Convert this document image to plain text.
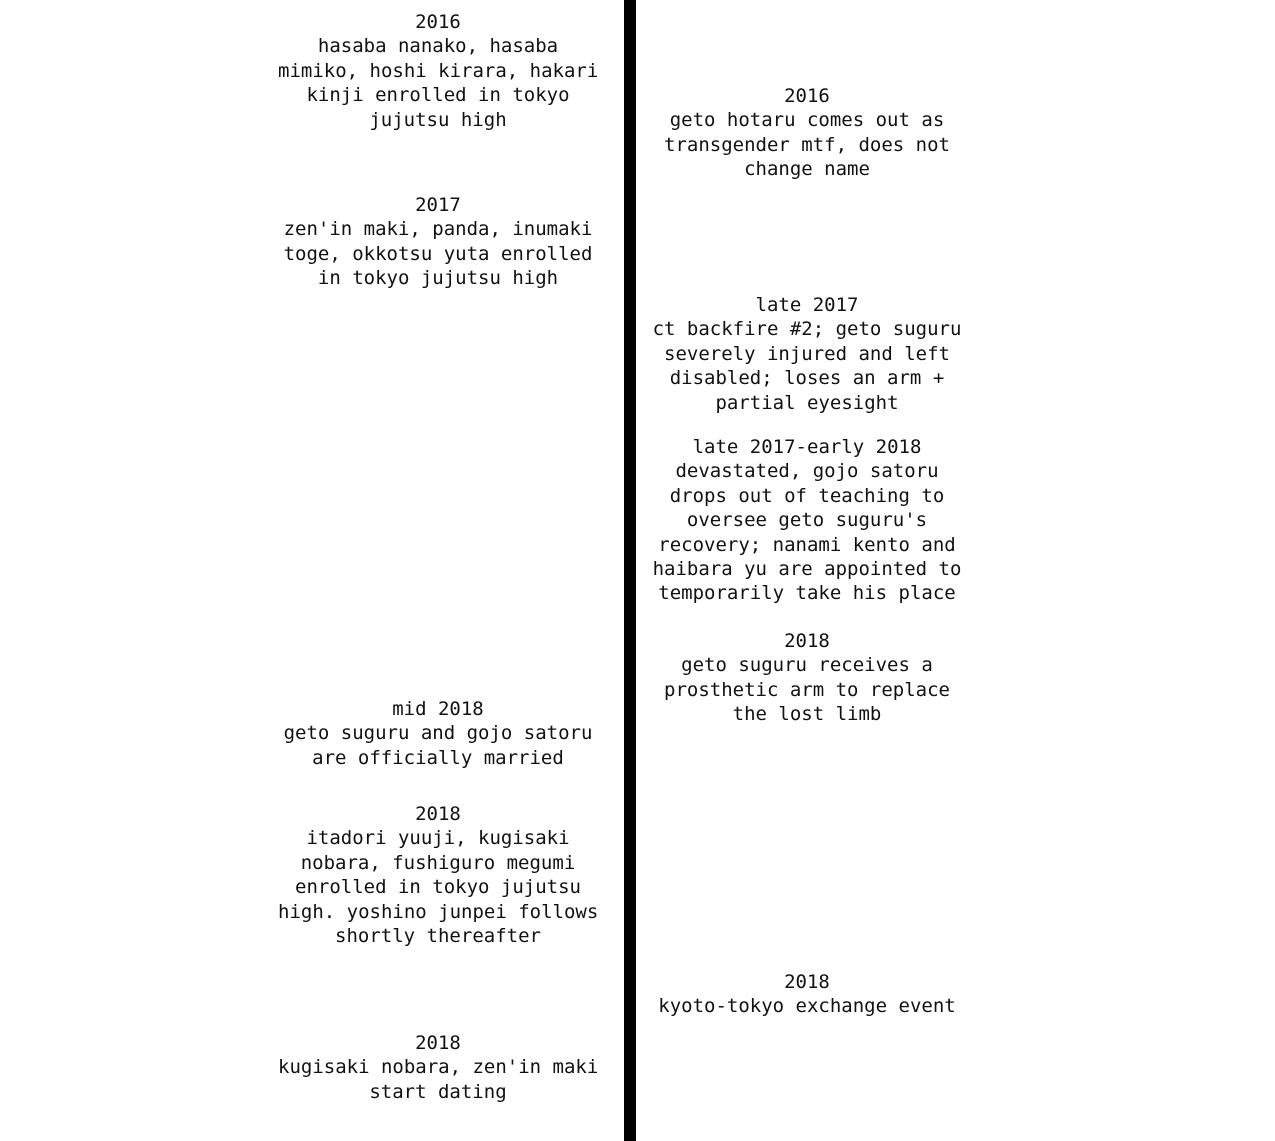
2016
hasaba nanako, hasaba
mimiko, hoshi kirara, hakari
kinji enrolled in tokyo
jujutsu high
2017
zen'in maki, panda, inumaki
toge, okkotsu yuta enrolled
in tokyo jujutsu high
mid 2018
geto suguru and gojo satoru
are officially married
2018
itadori yuuji, kugisaki
nobara, fushiguro megumi
enrolled in tokyo jujutsu
high. yoshino junpei follows
shortly thereafter
2018
kugisaki nobara, zen'in maki
start dating
2016
geto hotaru comes out as
transgender mtf, does not
change name
late 2017
ct backfire #2; geto suguru
severely injured and left
disabled; loses an arm +
partial eyesight
late 2017-early 2018
devastated, gojo satoru
drops out of teaching to
oversee geto suguru's
recovery; nanami kento and
haibara yu are appointed to
temporarily take his place
2018
geto suguru receives a
prosthetic arm to replace
the lost limb
2018
kyoto-tokyo exchange event
